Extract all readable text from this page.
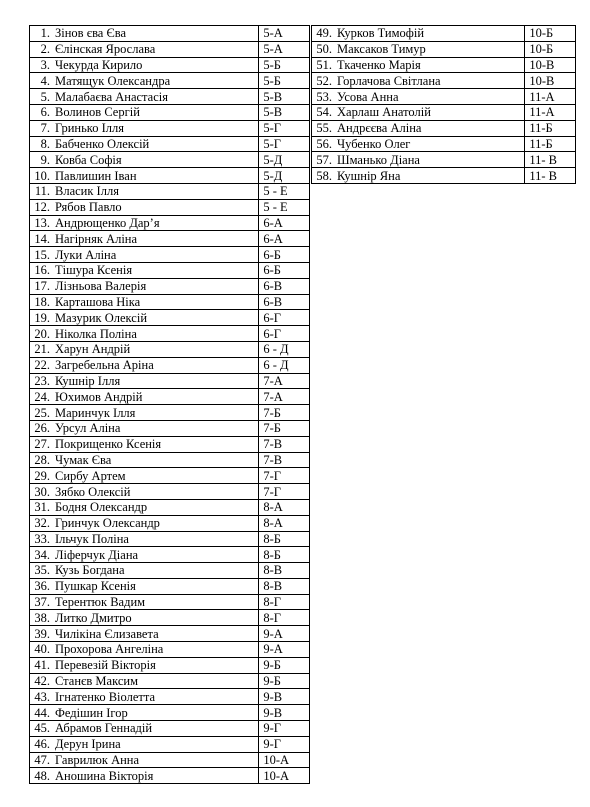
1. Зінов єва Єва	5-А
2. Єлінская Ярослава	5-А
3. Чекурда Кирило	5-Б
4. Матящук Олександра	5-Б
5. Малабаєва Анастасія	5-В
6. Волинов Сергій	5-В
7. Гринько Ілля	5-Г
8. Бабченко Олексій	5-Г
9. Ковба Софія	5-Д
10. Павлишин Іван	5-Д
11. Власик Ілля	5 - Е
12. Рябов Павло	5 - Е
13. Андрющенко Дар’я	6-А
14. Нагірняк Аліна	6-А
15. Луки Аліна	6-Б
16. Тішура Ксенія	6-Б
17. Лізньова Валерія	6-В
18. Карташова Ніка	6-В
19. Мазурик Олексій	6-Г
20. Ніколка Поліна	6-Г
21. Харун Андрій	6 - Д
22. Загребельна Аріна	6 - Д
23. Кушнір Ілля	7-А
24. Юхимов Андрій	7-А
25. Маринчук Ілля	7-Б
26. Урсул Аліна	7-Б
27. Покрищенко Ксенія	7-В
28. Чумак Єва	7-В
29. Сирбу Артем	7-Г
30. Зябко Олексій	7-Г
31. Бодня Олександр	8-А
32. Гринчук Олександр	8-А
33. Ільчук Поліна	8-Б
34. Ліферчук Діана	8-Б
35. Кузь Богдана	8-В
36. Пушкар Ксенія	8-В
37. Терентюк Вадим	8-Г
38. Литко Дмитро	8-Г
39. Чилікіна Єлизавета	9-А
40. Прохорова Ангеліна	9-А
41. Перевезій Вікторія	9-Б
42. Станєв Максим	9-Б
43. Ігнатенко Віолетта	9-В
44. Федішин Ігор	9-В
45. Абрамов Геннадій	9-Г
46. Дерун Ірина	9-Г
47. Гаврилюк Анна	10-А
48. Аношина Вікторія	10-А
49. Курков Тимофій	10-Б
50. Максаков Тимур	10-Б
51. Ткаченко Марія	10-В
52. Горлачова Світлана	10-В
53. Усова Анна	11-А
54. Харлаш Анатолій	11-А
55. Андрєєва Аліна	11-Б
56. Чубенко Олег	11-Б
57. Шманько Діана	11- В
58. Кушнір Яна	11- В
